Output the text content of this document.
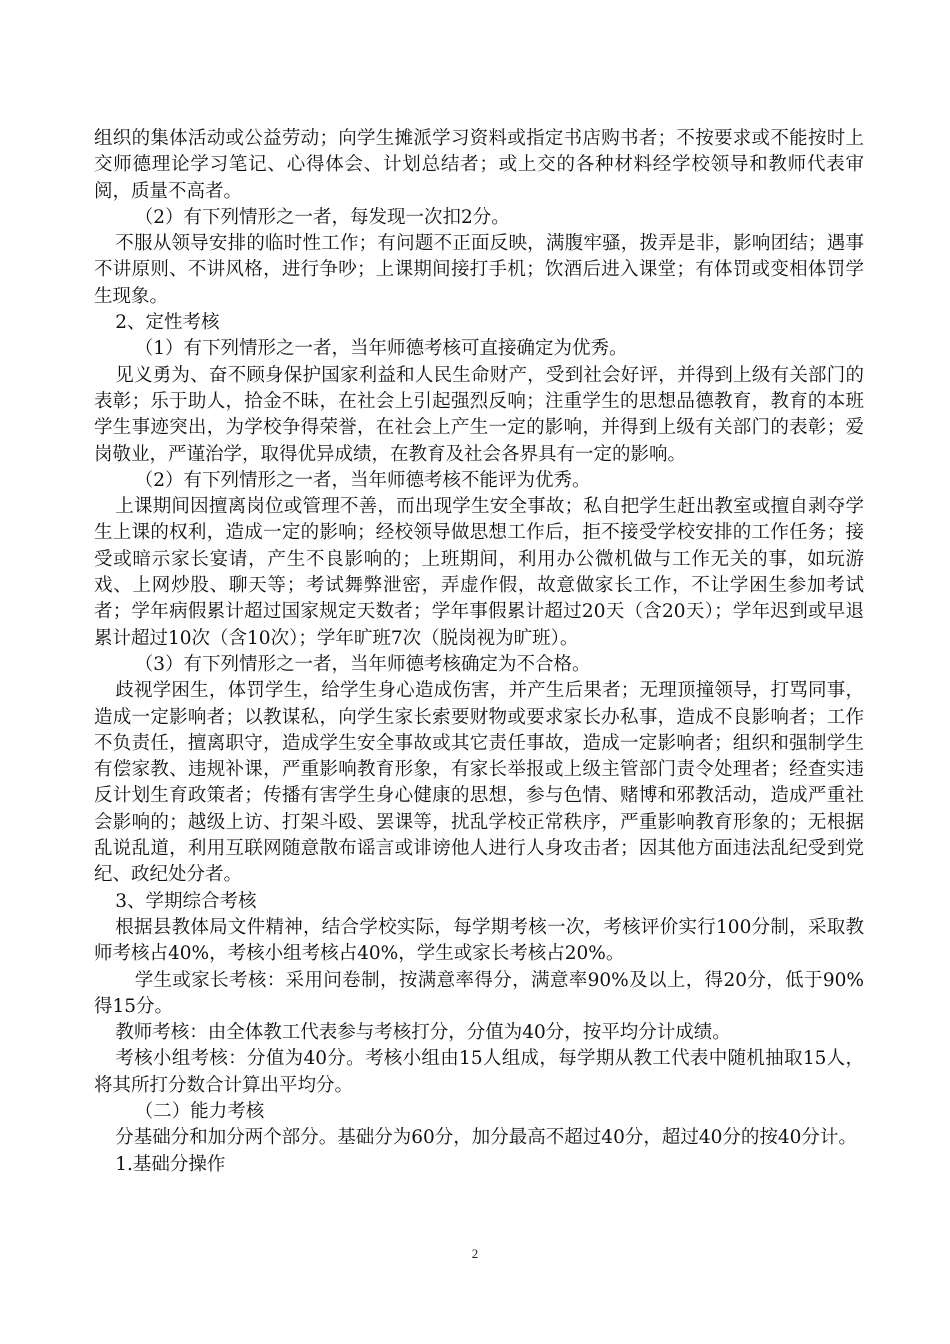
组织的集体活动或公益劳动；向学生摊派学习资料或指定书店购书者；不按要求或不能按时上交师德理论学习笔记、心得体会、计划总结者；或上交的各种材料经学校领导和教师代表审阅，质量不高者。

（2）有下列情形之一者，每发现一次扣2分。

不服从领导安排的临时性工作；有问题不正面反映，满腹牢骚，拨弄是非，影响团结；遇事不讲原则、不讲风格，进行争吵；上课期间接打手机；饮酒后进入课堂；有体罚或变相体罚学生现象。

2、定性考核

（1）有下列情形之一者，当年师德考核可直接确定为优秀。

见义勇为、奋不顾身保护国家利益和人民生命财产，受到社会好评，并得到上级有关部门的表彰；乐于助人，拾金不昧，在社会上引起强烈反响；注重学生的思想品德教育，教育的本班学生事迹突出，为学校争得荣誉，在社会上产生一定的影响，并得到上级有关部门的表彰；爱岗敬业，严谨治学，取得优异成绩，在教育及社会各界具有一定的影响。

（2）有下列情形之一者，当年师德考核不能评为优秀。

上课期间因擅离岗位或管理不善，而出现学生安全事故；私自把学生赶出教室或擅自剥夺学生上课的权利，造成一定的影响；经校领导做思想工作后，拒不接受学校安排的工作任务；接受或暗示家长宴请，产生不良影响的；上班期间，利用办公微机做与工作无关的事，如玩游戏、上网炒股、聊天等；考试舞弊泄密，弄虚作假，故意做家长工作，不让学困生参加考试者；学年病假累计超过国家规定天数者；学年事假累计超过20天（含20天）；学年迟到或早退累计超过10次（含10次）；学年旷班7次（脱岗视为旷班）。

（3）有下列情形之一者，当年师德考核确定为不合格。

歧视学困生，体罚学生，给学生身心造成伤害，并产生后果者；无理顶撞领导，打骂同事，造成一定影响者；以教谋私，向学生家长索要财物或要求家长办私事，造成不良影响者；工作不负责任，擅离职守，造成学生安全事故或其它责任事故，造成一定影响者；组织和强制学生有偿家教、违规补课，严重影响教育形象，有家长举报或上级主管部门责令处理者；经查实违反计划生育政策者；传播有害学生身心健康的思想，参与色情、赌博和邪教活动，造成严重社会影响的；越级上访、打架斗殴、罢课等，扰乱学校正常秩序，严重影响教育形象的；无根据乱说乱道，利用互联网随意散布谣言或诽谤他人进行人身攻击者；因其他方面违法乱纪受到党纪、政纪处分者。

3、学期综合考核

根据县教体局文件精神，结合学校实际，每学期考核一次，考核评价实行100分制，采取教师考核占40%，考核小组考核占40%，学生或家长考核占20%。

学生或家长考核：采用问卷制，按满意率得分，满意率90%及以上，得20分，低于90%得15分。

教师考核：由全体教工代表参与考核打分，分值为40分，按平均分计成绩。

考核小组考核：分值为40分。考核小组由15人组成，每学期从教工代表中随机抽取15人，将其所打分数合计算出平均分。

（二）能力考核

分基础分和加分两个部分。基础分为60分，加分最高不超过40分，超过40分的按40分计。

1.基础分操作

2
